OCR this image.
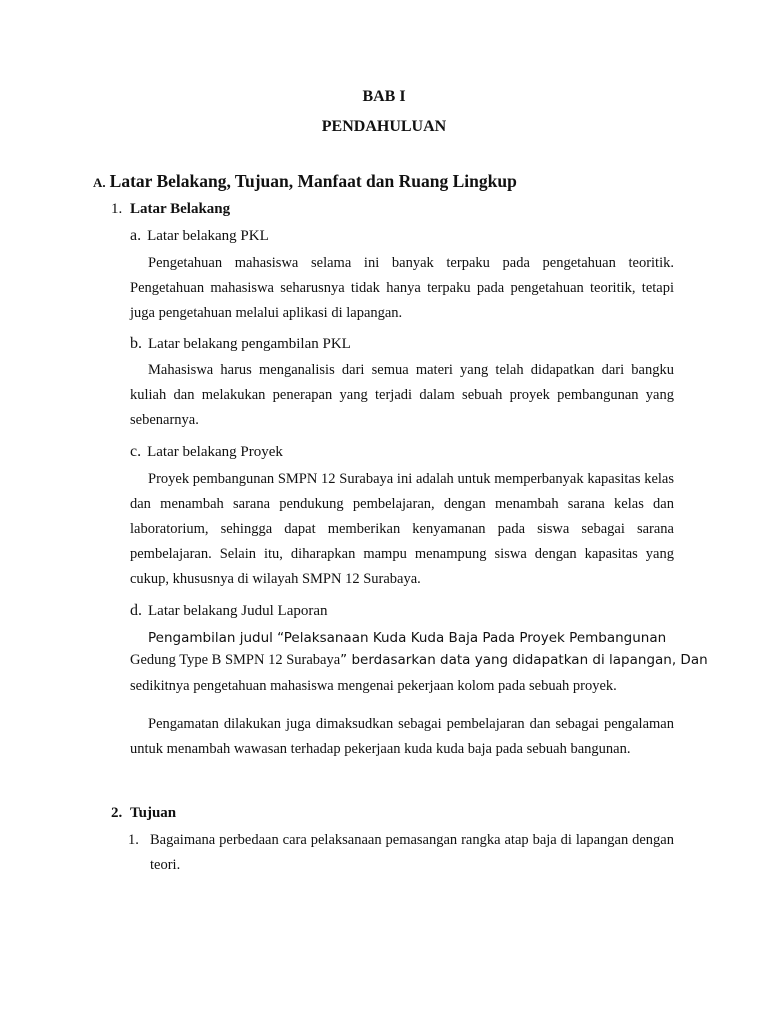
BAB I
PENDAHULUAN
A. Latar Belakang, Tujuan, Manfaat dan Ruang Lingkup
1. Latar Belakang
a. Latar belakang PKL
Pengetahuan mahasiswa selama ini banyak terpaku pada pengetahuan teoritik. Pengetahuan mahasiswa seharusnya tidak hanya terpaku pada pengetahuan teoritik, tetapi juga pengetahuan melalui aplikasi di lapangan.
b. Latar belakang pengambilan PKL
Mahasiswa harus menganalisis dari semua materi yang telah didapatkan dari bangku kuliah dan melakukan penerapan yang terjadi dalam sebuah proyek pembangunan yang sebenarnya.
c. Latar belakang Proyek
Proyek pembangunan SMPN 12 Surabaya ini adalah untuk memperbanyak kapasitas kelas dan menambah sarana pendukung pembelajaran, dengan menambah sarana kelas dan laboratorium, sehingga dapat memberikan kenyamanan pada siswa sebagai sarana pembelajaran. Selain itu, diharapkan mampu menampung siswa dengan kapasitas yang cukup, khususnya di wilayah SMPN 12 Surabaya.
d. Latar belakang Judul Laporan
Pengambilan judul “Pelaksanaan Kuda Kuda Baja Pada Proyek Pembangunan
Gedung Type B SMPN 12 Surabaya” berdasarkan data yang didapatkan di lapangan, Dan
sedikitnya pengetahuan mahasiswa mengenai pekerjaan kolom pada sebuah proyek.
Pengamatan dilakukan juga dimaksudkan sebagai pembelajaran dan sebagai pengalaman untuk menambah wawasan terhadap pekerjaan kuda kuda baja pada sebuah bangunan.
2. Tujuan
1. Bagaimana perbedaan cara pelaksanaan pemasangan rangka atap baja di lapangan dengan teori.
